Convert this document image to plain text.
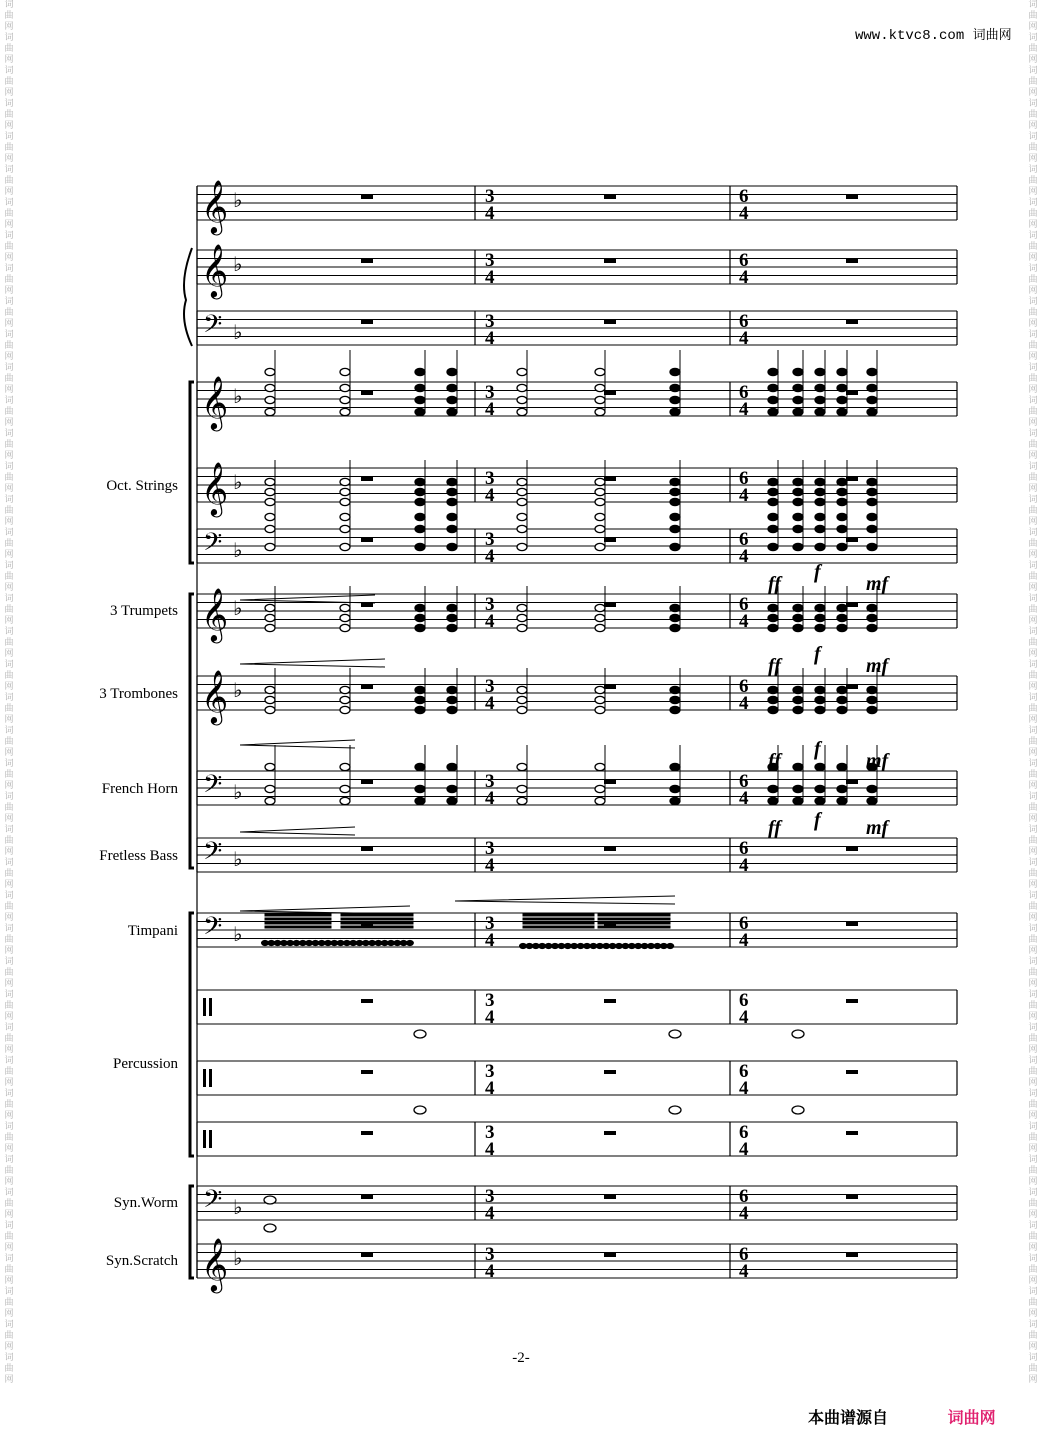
词曲网词曲网词曲网词曲网词曲网词曲网词曲网词曲网词曲网词曲网词曲网词曲网词曲网词曲网词曲网词曲网词曲网词曲网词曲网词曲网词曲网词曲网词曲网词曲网词曲网词曲网词曲网词曲网词曲网词曲网词曲网词曲网词曲网词曲网词曲网词曲网词曲网词曲网词曲网词曲网词曲网词曲网
词曲网词曲网词曲网词曲网词曲网词曲网词曲网词曲网词曲网词曲网词曲网词曲网词曲网词曲网词曲网词曲网词曲网词曲网词曲网词曲网词曲网词曲网词曲网词曲网词曲网词曲网词曲网词曲网词曲网词曲网词曲网词曲网词曲网词曲网词曲网词曲网词曲网词曲网词曲网词曲网词曲网词曲网
www.ktvc8.com 词曲网
Oct. Strings
3 Trumpets
3 Trombones
French Horn
Fretless Bass
Timpani
Percussion
Syn.Worm
Syn.Scratch
𝄞 ♭
𝄞 ♭
𝄢 ♭
𝄞 ♭
𝄞 ♭
𝄢 ♭
𝄞 ♭
𝄞 ♭
𝄢 ♭
𝄢 ♭
𝄢 ♭
𝄢 ♭
𝄞 ♭
3
4
6
4
3
4
6
4
3
4
6
4
3
4
6
4
3
4
6
4
3
4
6
4
3
4
6
4
3
4
6
4
3
4
6
4
3
4
6
4
3
4
6
4
3
4
6
4
3
4
6
4
3
4
6
4
3
4
6
4
3
4
6
4
ff
f
mf
ff
f
mf
ff
f
mf
ff f mf
-2-
本曲谱源自	词曲网
